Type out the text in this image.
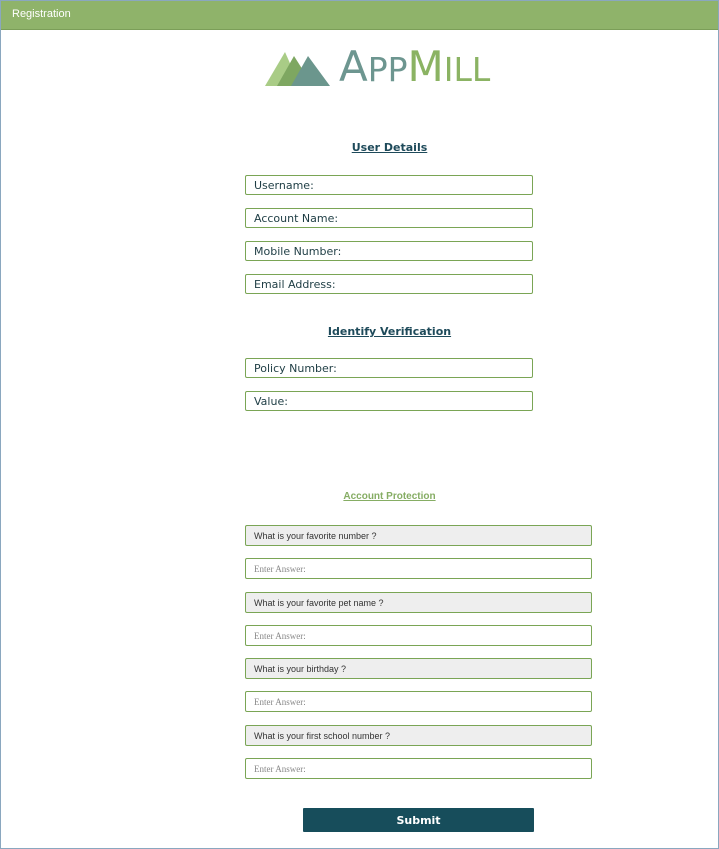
Registration
APPMILL
User Details
Username:
Account Name:
Mobile Number:
Email Address:
Identify Verification
Policy Number:
Value:
Account Protection
What is your favorite number ?
Enter Answer:
What is your favorite pet name ?
Enter Answer:
What is your birthday ?
Enter Answer:
What is your first school number ?
Enter Answer:
Submit
